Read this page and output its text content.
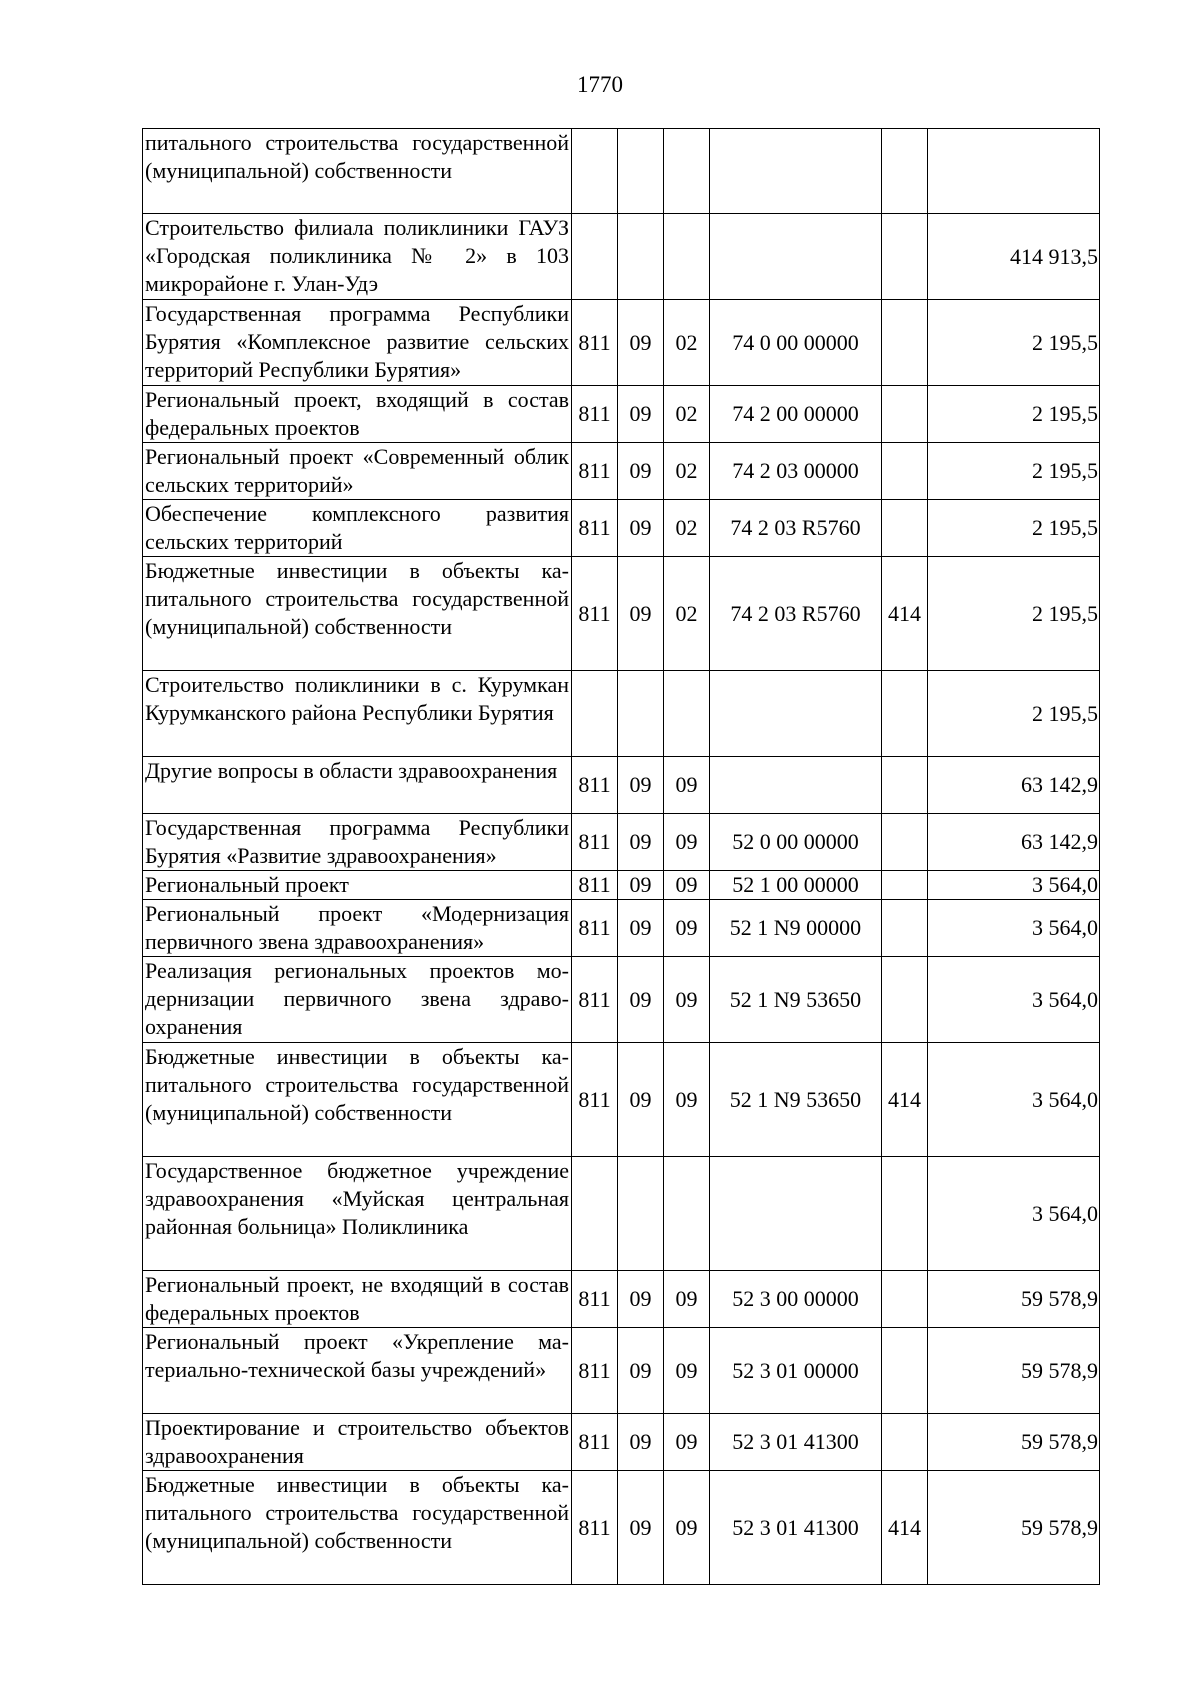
1770
питального строительства государственной (муниципальной) собственности						
Строительство филиала поликлиники ГАУЗ «Городская поликлиника № 2» в 103 микрорайоне г. Улан-Удэ						414 913,5
Государственная программа Республики Бурятия «Комплексное развитие сельских территорий Республики Бурятия»	811	09	02	74 0 00 00000		2 195,5
Региональный проект, входящий в состав федеральных проектов	811	09	02	74 2 00 00000		2 195,5
Региональный проект «Современный облик сельских территорий»	811	09	02	74 2 03 00000		2 195,5
Обеспечение комплексного развития сельских территорий	811	09	02	74 2 03 R5760		2 195,5
Бюджетные инвестиции в объекты капитального строительства государственной (муниципальной) собственности	811	09	02	74 2 03 R5760	414	2 195,5
Строительство поликлиники в с. Курумкан Курумканского района Республики Бурятия						2 195,5
Другие вопросы в области здравоохранения	811	09	09			63 142,9
Государственная программа Республики Бурятия «Развитие здравоохранения»	811	09	09	52 0 00 00000		63 142,9
Региональный проект	811	09	09	52 1 00 00000		3 564,0
Региональный проект «Модернизация первичного звена здравоохранения»	811	09	09	52 1 N9 00000		3 564,0
Реализация региональных проектов модернизации первичного звена здравоохранения	811	09	09	52 1 N9 53650		3 564,0
Бюджетные инвестиции в объекты капитального строительства государственной (муниципальной) собственности	811	09	09	52 1 N9 53650	414	3 564,0
Государственное бюджетное учреждение здравоохранения «Муйская центральная районная больница» Поликлиника						3 564,0
Региональный проект, не входящий в состав федеральных проектов	811	09	09	52 3 00 00000		59 578,9
Региональный проект «Укрепление материально-технической базы учреждений»	811	09	09	52 3 01 00000		59 578,9
Проектирование и строительство объектов здравоохранения	811	09	09	52 3 01 41300		59 578,9
Бюджетные инвестиции в объекты капитального строительства государственной (муниципальной) собственности	811	09	09	52 3 01 41300	414	59 578,9
